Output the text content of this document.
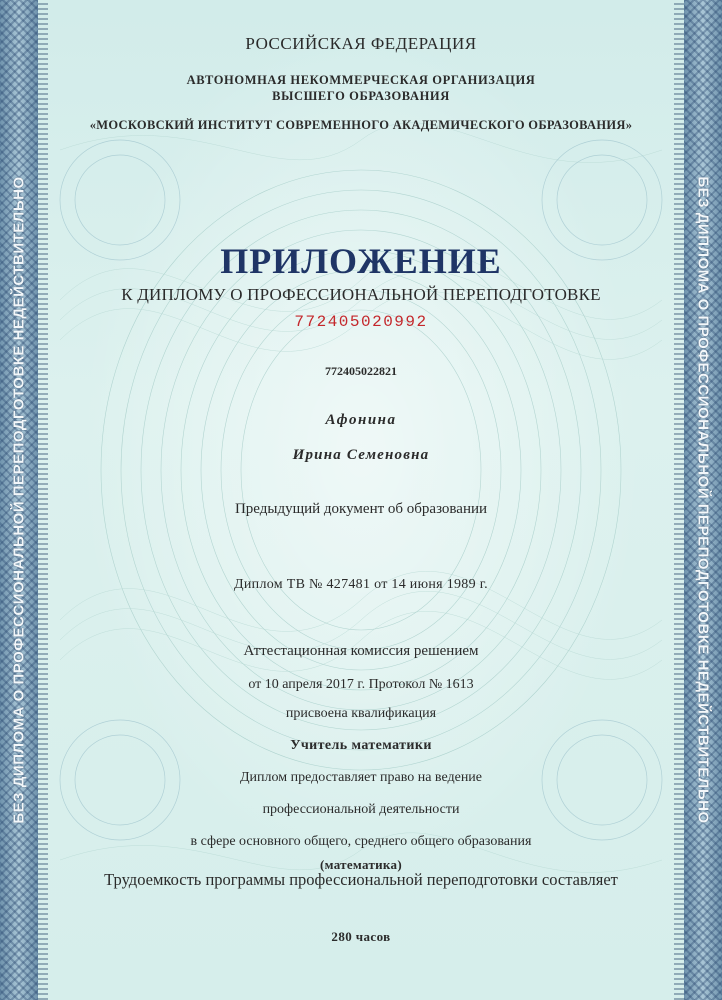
БЕЗ ДИПЛОМА О ПРОФЕССИОНАЛЬНОЙ ПЕРЕПОДГОТОВКЕ НЕДЕЙСТВИТЕЛЬНО	БЕЗ ДИПЛОМА О ПРОФЕССИОНАЛЬНОЙ ПЕРЕПОДГОТОВКЕ НЕДЕЙСТВИТЕЛЬНО
РОССИЙСКАЯ ФЕДЕРАЦИЯ
АВТОНОМНАЯ НЕКОММЕРЧЕСКАЯ ОРГАНИЗАЦИЯ
ВЫСШЕГО ОБРАЗОВАНИЯ
«МОСКОВСКИЙ ИНСТИТУТ СОВРЕМЕННОГО АКАДЕМИЧЕСКОГО ОБРАЗОВАНИЯ»
ПРИЛОЖЕНИЕ
К ДИПЛОМУ О ПРОФЕССИОНАЛЬНОЙ ПЕРЕПОДГОТОВКЕ
772405020992
772405022821
Афонина
Ирина Семеновна
Предыдущий документ об образовании
Диплом ТВ № 427481 от 14 июня 1989 г.
Аттестационная комиссия решением
от 10 апреля 2017 г. Протокол № 1613
присвоена квалификация
Учитель математики
Диплом предоставляет право на ведение
профессиональной деятельности
в сфере основного общего, среднего общего образования
(математика)
Трудоемкость программы профессиональной переподготовки составляет
280 часов
